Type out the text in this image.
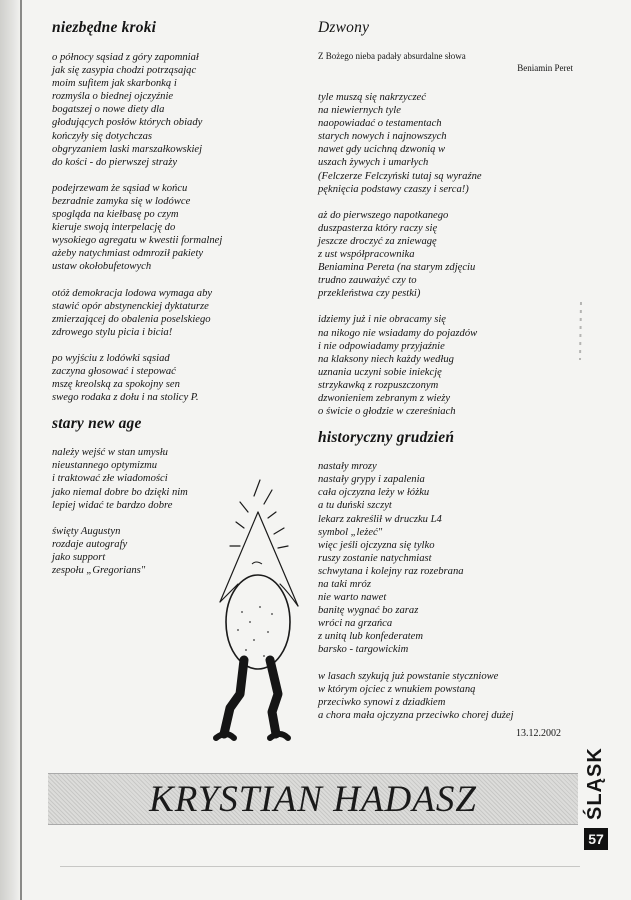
niezbędne kroki
o północy sąsiad z góry zapomniał
jak się zasypia chodzi potrząsając
moim sufitem jak skarbonką i
rozmyśla o biednej ojczyźnie
bogatszej o nowe diety dla
głodujących posłów których obiady
kończyły się dotychczas
obgryzaniem laski marszałkowskiej
do kości - do pierwszej straży
podejrzewam że sąsiad w końcu
bezradnie zamyka się w lodówce
spogląda na kiełbasę po czym
kieruje swoją interpelację do
wysokiego agregatu w kwestii formalnej
ażeby natychmiast odmroził pakiety
ustaw okołobufetowych
otóż demokracja lodowa wymaga aby
stawić opór abstynenckiej dyktaturze
zmierzającej do obalenia poselskiego
zdrowego stylu picia i bicia!
po wyjściu z lodówki sąsiad
zaczyna głosować i stepować
mszę kreolską za spokojny sen
swego rodaka z dołu i na stolicy P.
stary new age
należy wejść w stan umysłu
nieustannego optymizmu
i traktować złe wiadomości
jako niemal dobre bo dzięki nim
lepiej widać te bardzo dobre
święty Augustyn
rozdaje autografy
jako support
zespołu „Gregorians"
Dzwony
Z Bożego nieba padały absurdalne słowa
Beniamin Peret
tyle muszą się nakrzyczeć
na niewiernych tyle
naopowiadać o testamentach
starych nowych i najnowszych
nawet gdy ucichną dzwonią w
uszach żywych i umarłych
(Felczerze Felczyński tutaj są wyraźne
pęknięcia podstawy czaszy i serca!)
aż do pierwszego napotkanego
duszpasterza który raczy się
jeszcze droczyć za zniewagę
z ust współpracownika
Beniamina Pereta (na starym zdjęciu
trudno zauważyć czy to
przekleństwa czy pestki)
idziemy już i nie obracamy się
na nikogo nie wsiadamy do pojazdów
i nie odpowiadamy przyjaźnie
na klaksony niech każdy według
uznania uczyni sobie iniekcję
strzykawką z rozpuszczonym
dzwonieniem zebranym z wieży
o świcie o głodzie w czereśniach
historyczny grudzień
nastały mrozy
nastały grypy i zapalenia
cała ojczyzna leży w łóżku
a tu duński szczyt
lekarz zakreślił w druczku L4
symbol „leżeć"
więc jeśli ojczyzna się tylko
ruszy zostanie natychmiast
schwytana i kolejny raz rozebrana
na taki mróz
nie warto nawet
banitę wygnać bo zaraz
wróci na grzańca
z unitą lub konfederatem
barsko - targowickim
w lasach szykują już powstanie styczniowe
w którym ojciec z wnukiem powstaną
przeciwko synowi z dziadkiem
a chora mała ojczyzna przeciwko chorej dużej
13.12.2002
KRYSTIAN HADASZ	ŚLĄSK
57
